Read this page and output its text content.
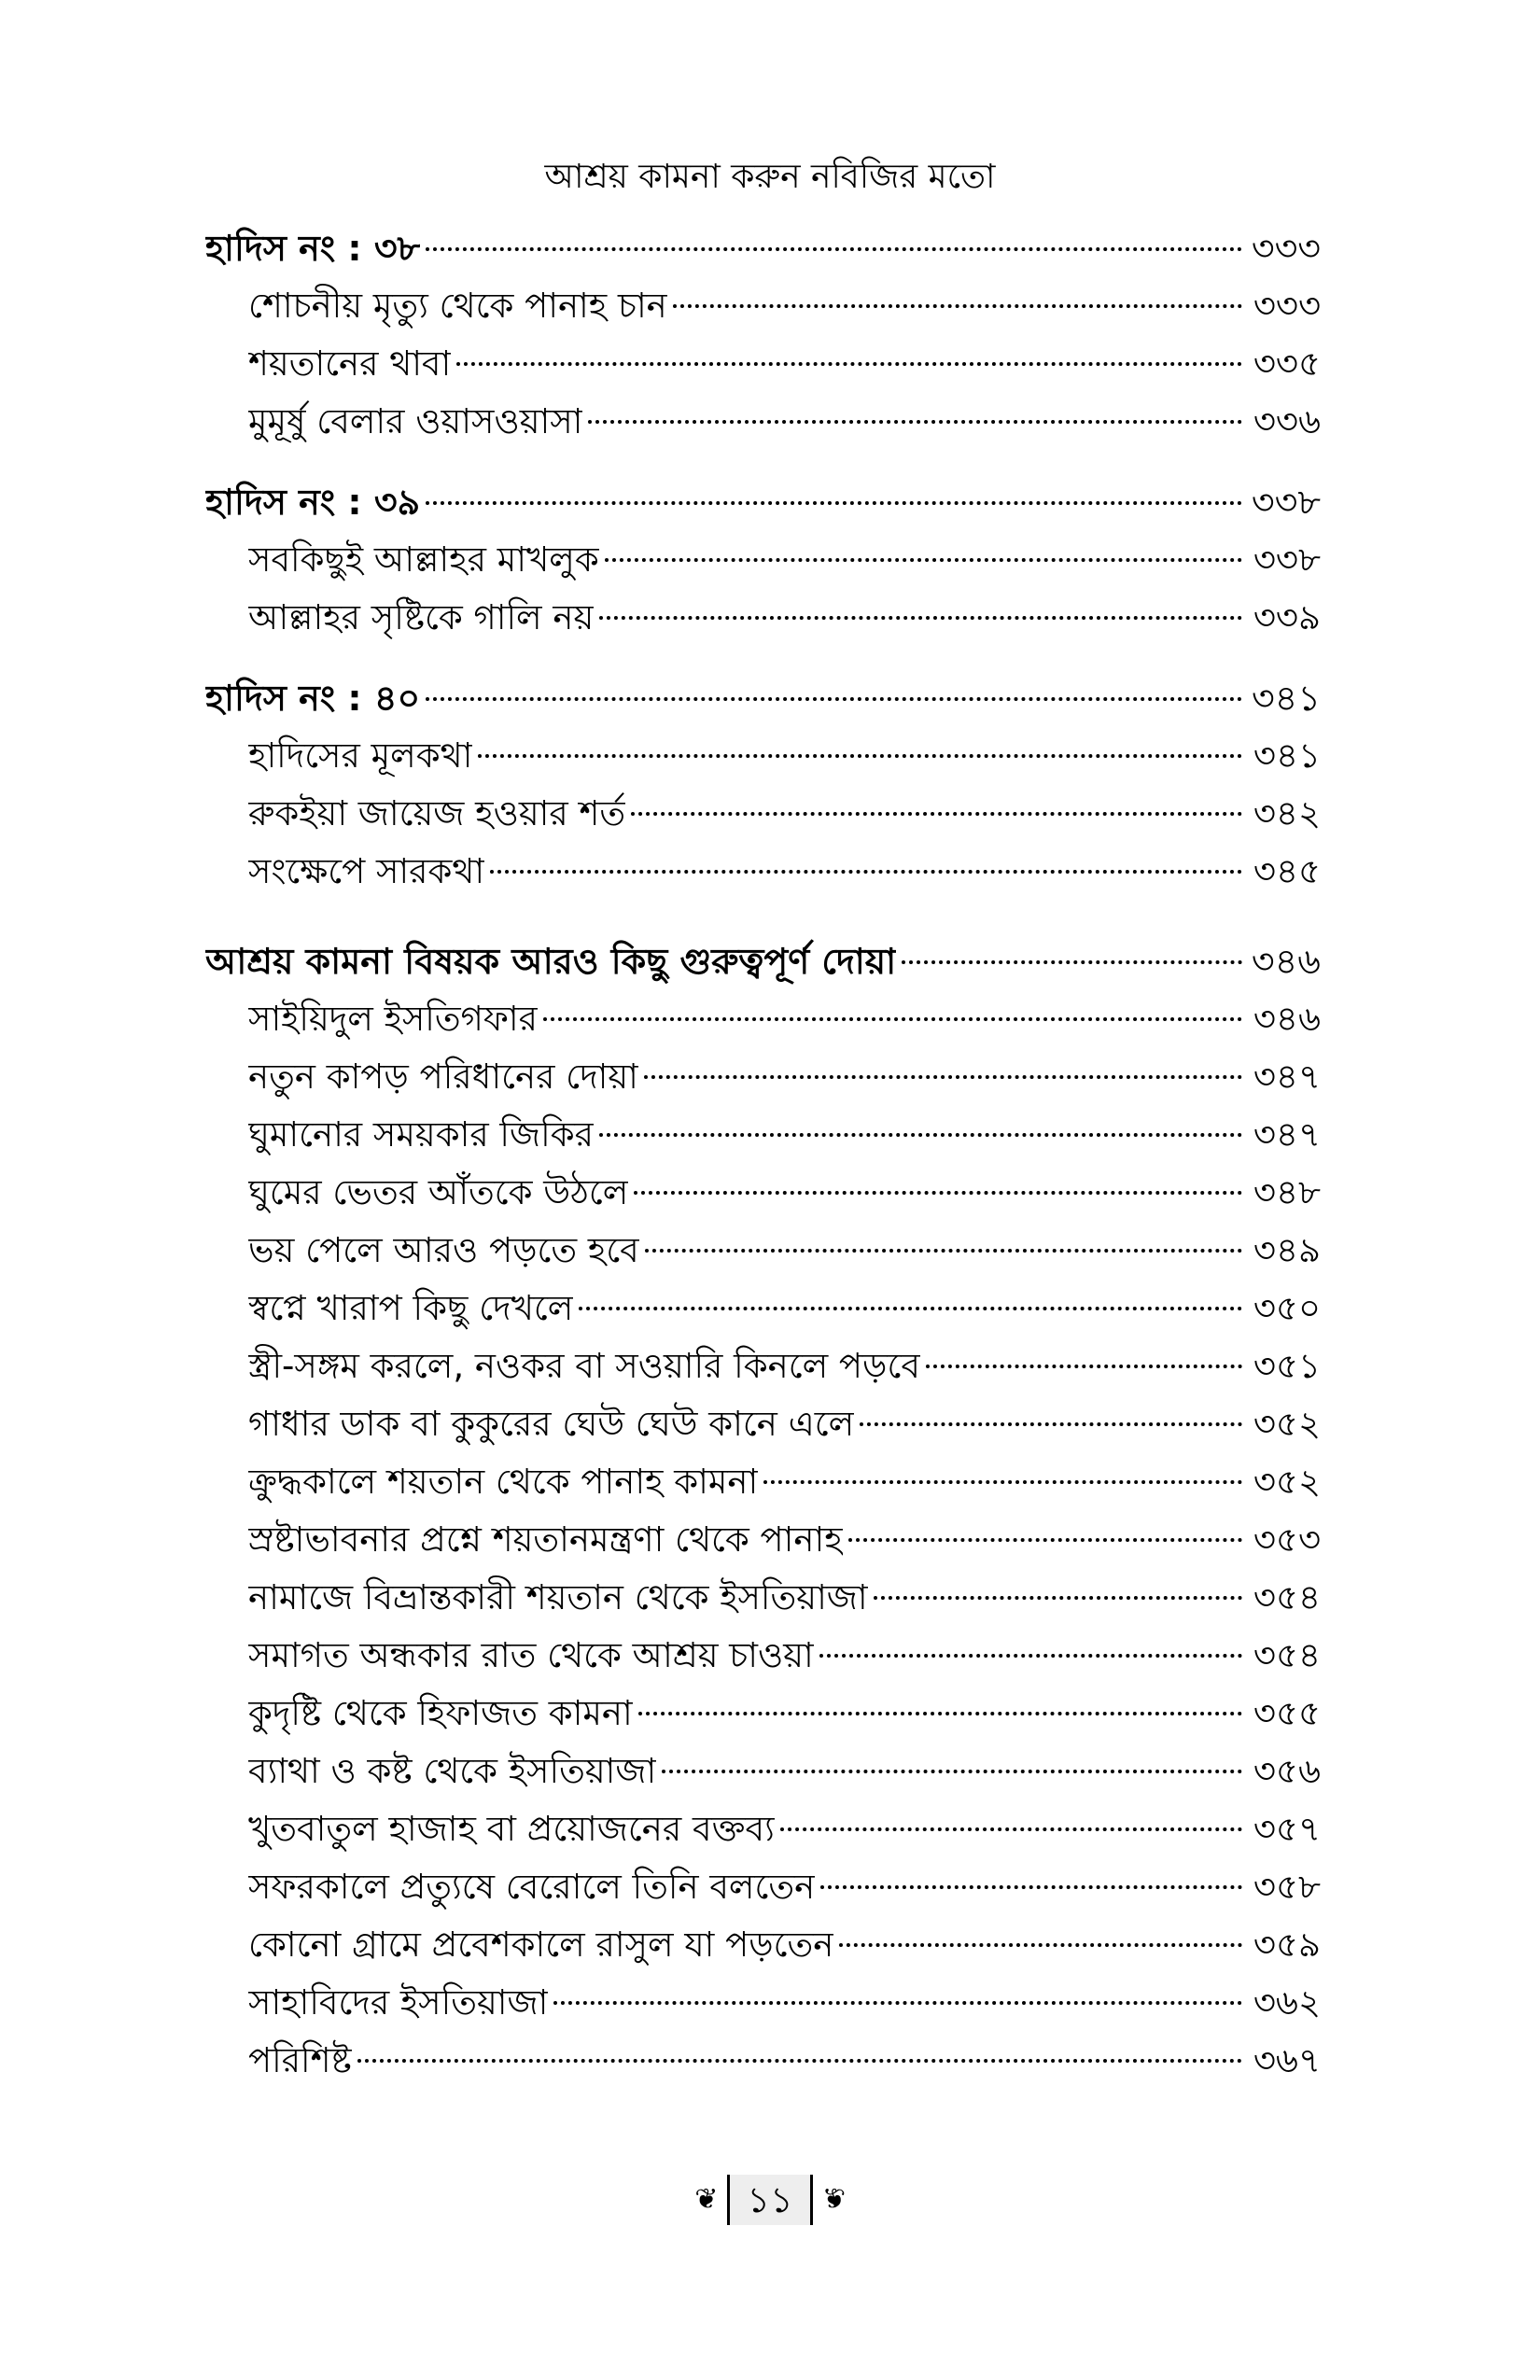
আশ্রয় কামনা করুন নবিজির মতো
হাদিস নং : ৩৮	৩৩৩
শোচনীয় মৃত্যু থেকে পানাহ চান	৩৩৩
শয়তানের থাবা	৩৩৫
মুমূর্ষু বেলার ওয়াসওয়াসা	৩৩৬
হাদিস নং : ৩৯	৩৩৮
সবকিছুই আল্লাহর মাখলুক	৩৩৮
আল্লাহর সৃষ্টিকে গালি নয়	৩৩৯
হাদিস নং : ৪০	৩৪১
হাদিসের মূলকথা	৩৪১
রুকইয়া জায়েজ হওয়ার শর্ত	৩৪২
সংক্ষেপে সারকথা	৩৪৫
আশ্রয় কামনা বিষয়ক আরও কিছু গুরুত্বপূর্ণ দোয়া	৩৪৬
সাইয়িদুল ইসতিগফার	৩৪৬
নতুন কাপড় পরিধানের দোয়া	৩৪৭
ঘুমানোর সময়কার জিকির	৩৪৭
ঘুমের ভেতর আঁতকে উঠলে	৩৪৮
ভয় পেলে আরও পড়তে হবে	৩৪৯
স্বপ্নে খারাপ কিছু দেখলে	৩৫০
স্ত্রী-সঙ্গম করলে, নওকর বা সওয়ারি কিনলে পড়বে	৩৫১
গাধার ডাক বা কুকুরের ঘেউ ঘেউ কানে এলে	৩৫২
ক্রুদ্ধকালে শয়তান থেকে পানাহ কামনা	৩৫২
স্রষ্টাভাবনার প্রশ্নে শয়তানমন্ত্রণা থেকে পানাহ	৩৫৩
নামাজে বিভ্রান্তকারী শয়তান থেকে ইসতিয়াজা	৩৫৪
সমাগত অন্ধকার রাত থেকে আশ্রয় চাওয়া	৩৫৪
কুদৃষ্টি থেকে হিফাজত কামনা	৩৫৫
ব্যাথা ও কষ্ট থেকে ইসতিয়াজা	৩৫৬
খুতবাতুল হাজাহ বা প্রয়োজনের বক্তব্য	৩৫৭
সফরকালে প্রত্যুষে বেরোলে তিনি বলতেন	৩৫৮
কোনো গ্রামে প্রবেশকালে রাসুল যা পড়তেন	৩৫৯
সাহাবিদের ইসতিয়াজা	৩৬২
পরিশিষ্ট	৩৬৭
❦ ১১	❦
